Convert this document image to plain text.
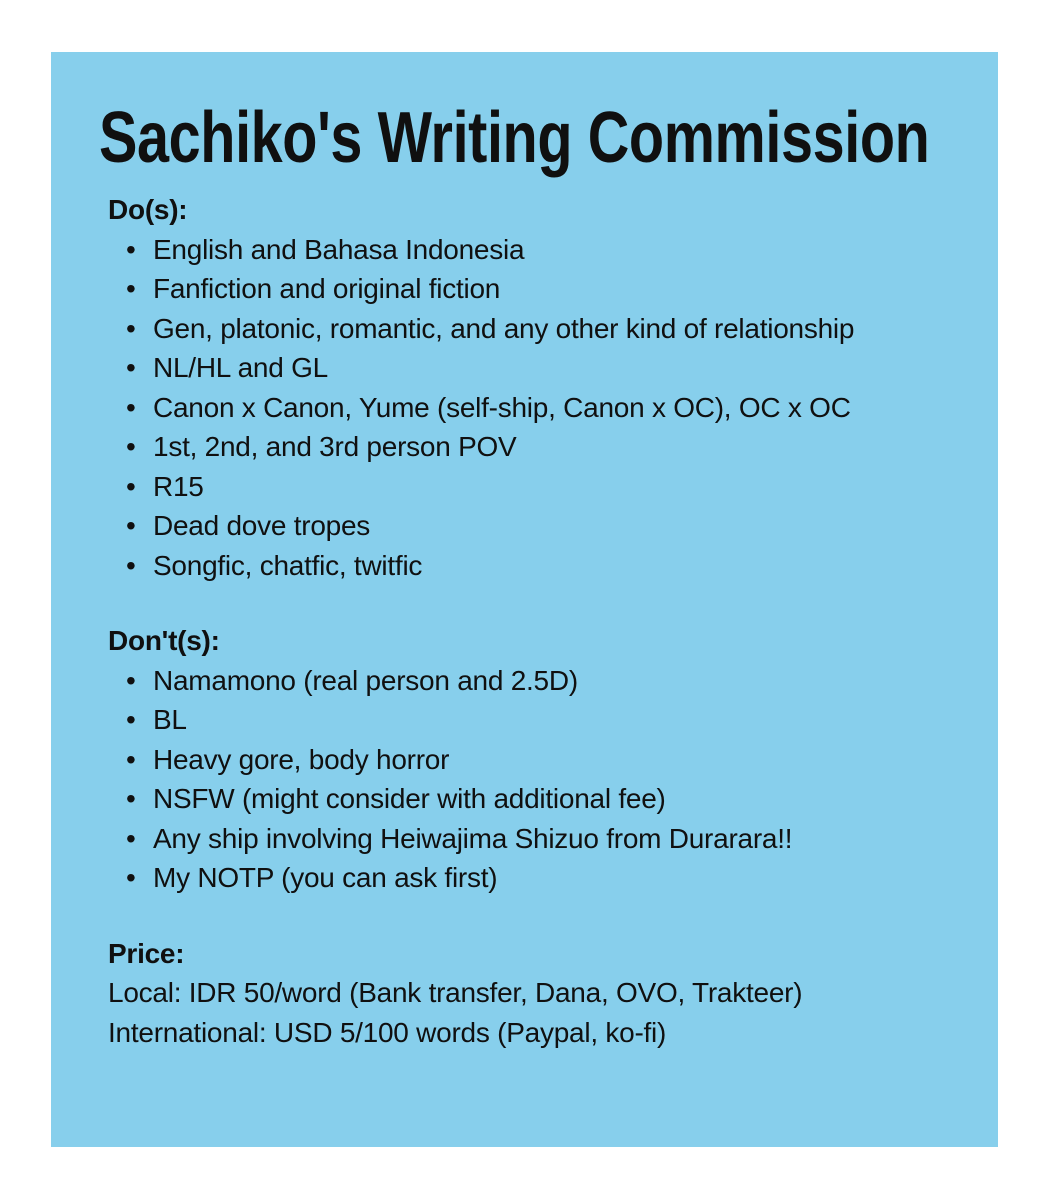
Sachiko's Writing Commission
Do(s):
• English and Bahasa Indonesia
• Fanfiction and original fiction
• Gen, platonic, romantic, and any other kind of relationship
• NL/HL and GL
• Canon x Canon, Yume (self-ship, Canon x OC), OC x OC
• 1st, 2nd, and 3rd person POV
• R15
• Dead dove tropes
• Songfic, chatfic, twitfic
Don't(s):
• Namamono (real person and 2.5D)
• BL
• Heavy gore, body horror
• NSFW (might consider with additional fee)
• Any ship involving Heiwajima Shizuo from Durarara!!
• My NOTP (you can ask first)
Price:

Local: IDR 50/word (Bank transfer, Dana, OVO, Trakteer)

International: USD 5/100 words (Paypal, ko-fi)
